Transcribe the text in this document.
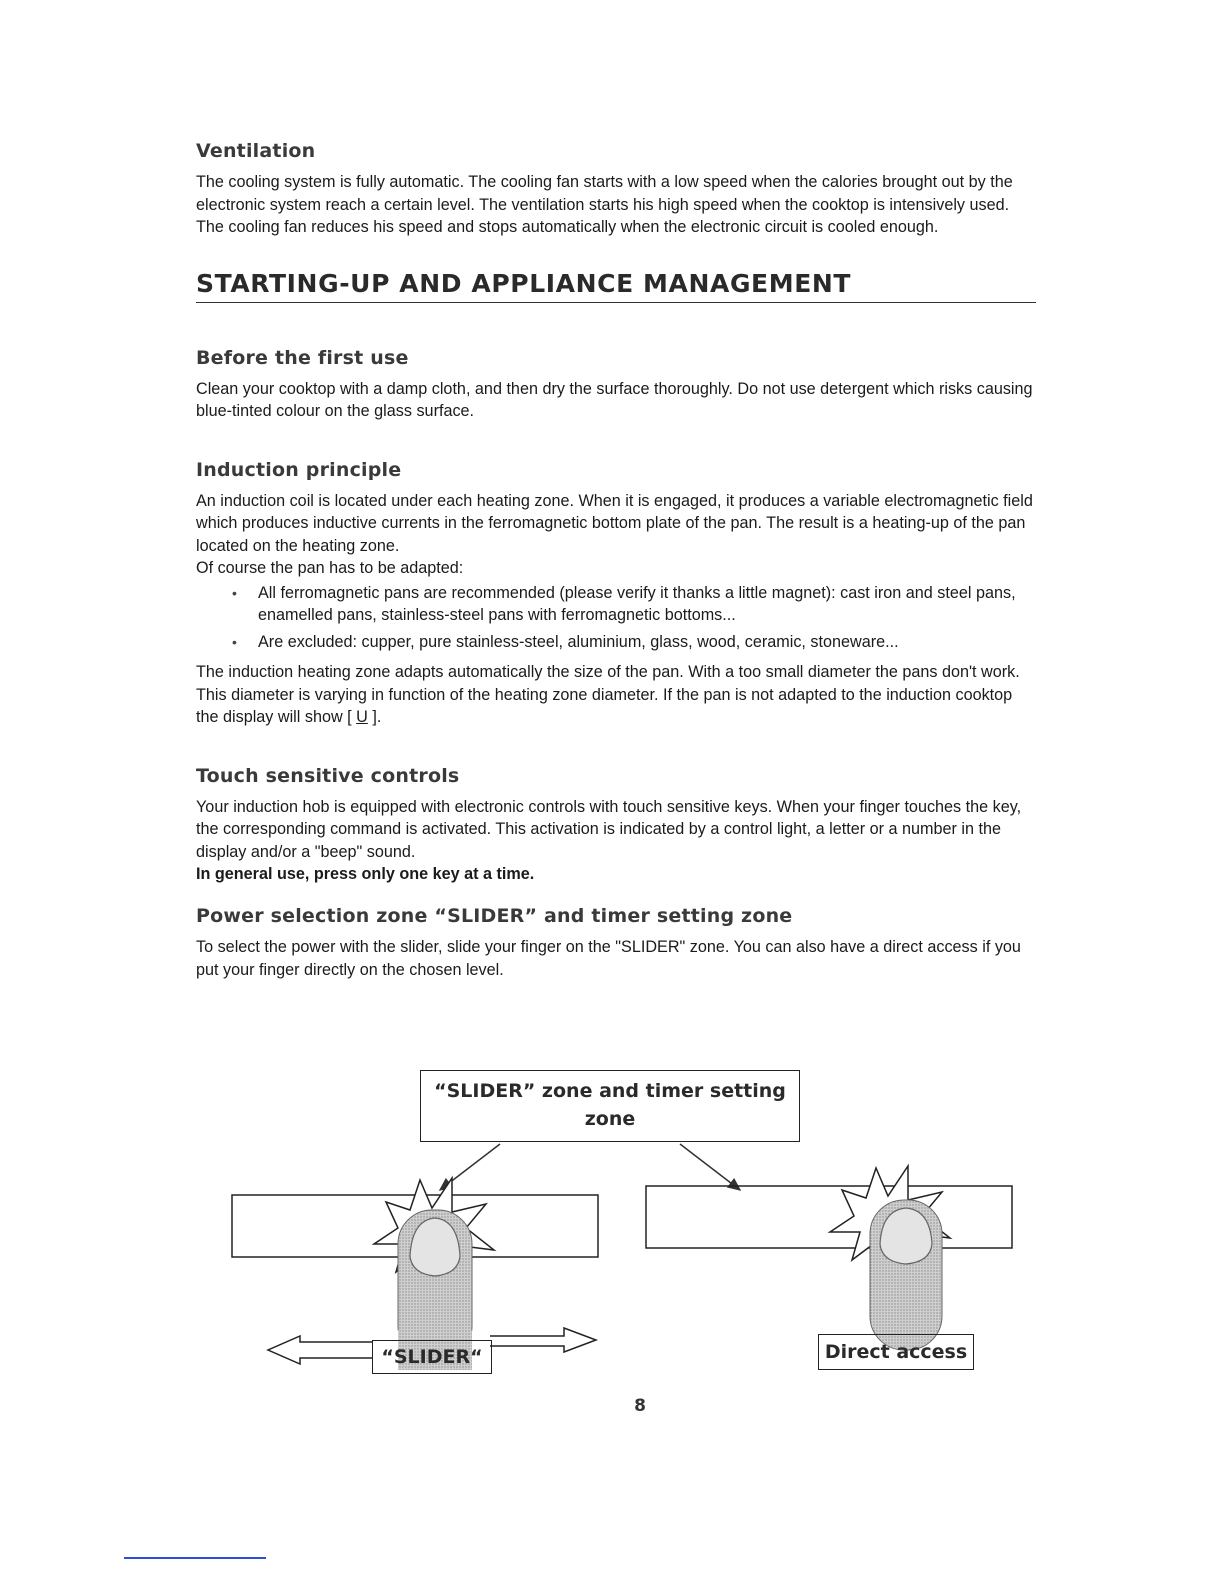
Ventilation

The cooling system is fully automatic. The cooling fan starts with a low speed when the calories brought out by the electronic system reach a certain level. The ventilation starts his high speed when the cooktop is intensively used. The cooling fan reduces his speed and stops automatically when the electronic circuit is cooled enough.

STARTING-UP AND APPLIANCE MANAGEMENT
Before the first use

Clean your cooktop with a damp cloth, and then dry the surface thoroughly. Do not use detergent which risks causing blue-tinted colour on the glass surface.

Induction principle

An induction coil is located under each heating zone. When it is engaged, it produces a variable electromagnetic field which produces inductive currents in the ferromagnetic bottom plate of the pan. The result is a heating-up of the pan located on the heating zone.

Of course the pan has to be adapted:

• All ferromagnetic pans are recommended (please verify it thanks a little magnet): cast iron and steel pans, enamelled pans, stainless-steel pans with ferromagnetic bottoms...
• Are excluded: cupper, pure stainless-steel, aluminium, glass, wood, ceramic, stoneware...

The induction heating zone adapts automatically the size of the pan. With a too small diameter the pans don't work. This diameter is varying in function of the heating zone diameter. If the pan is not adapted to the induction cooktop the display will show [ U ].

Touch sensitive controls

Your induction hob is equipped with electronic controls with touch sensitive keys. When your finger touches the key, the corresponding command is activated. This activation is indicated by a control light, a letter or a number in the display and/or a "beep" sound.

In general use, press only one key at a time.

Power selection zone “SLIDER” and timer setting zone

To select the power with the slider, slide your finger on the "SLIDER" zone. You can also have a direct access if you put your finger directly on the chosen level.

“SLIDER” zone and timer setting
zone
“SLIDER“	Direct access
8
